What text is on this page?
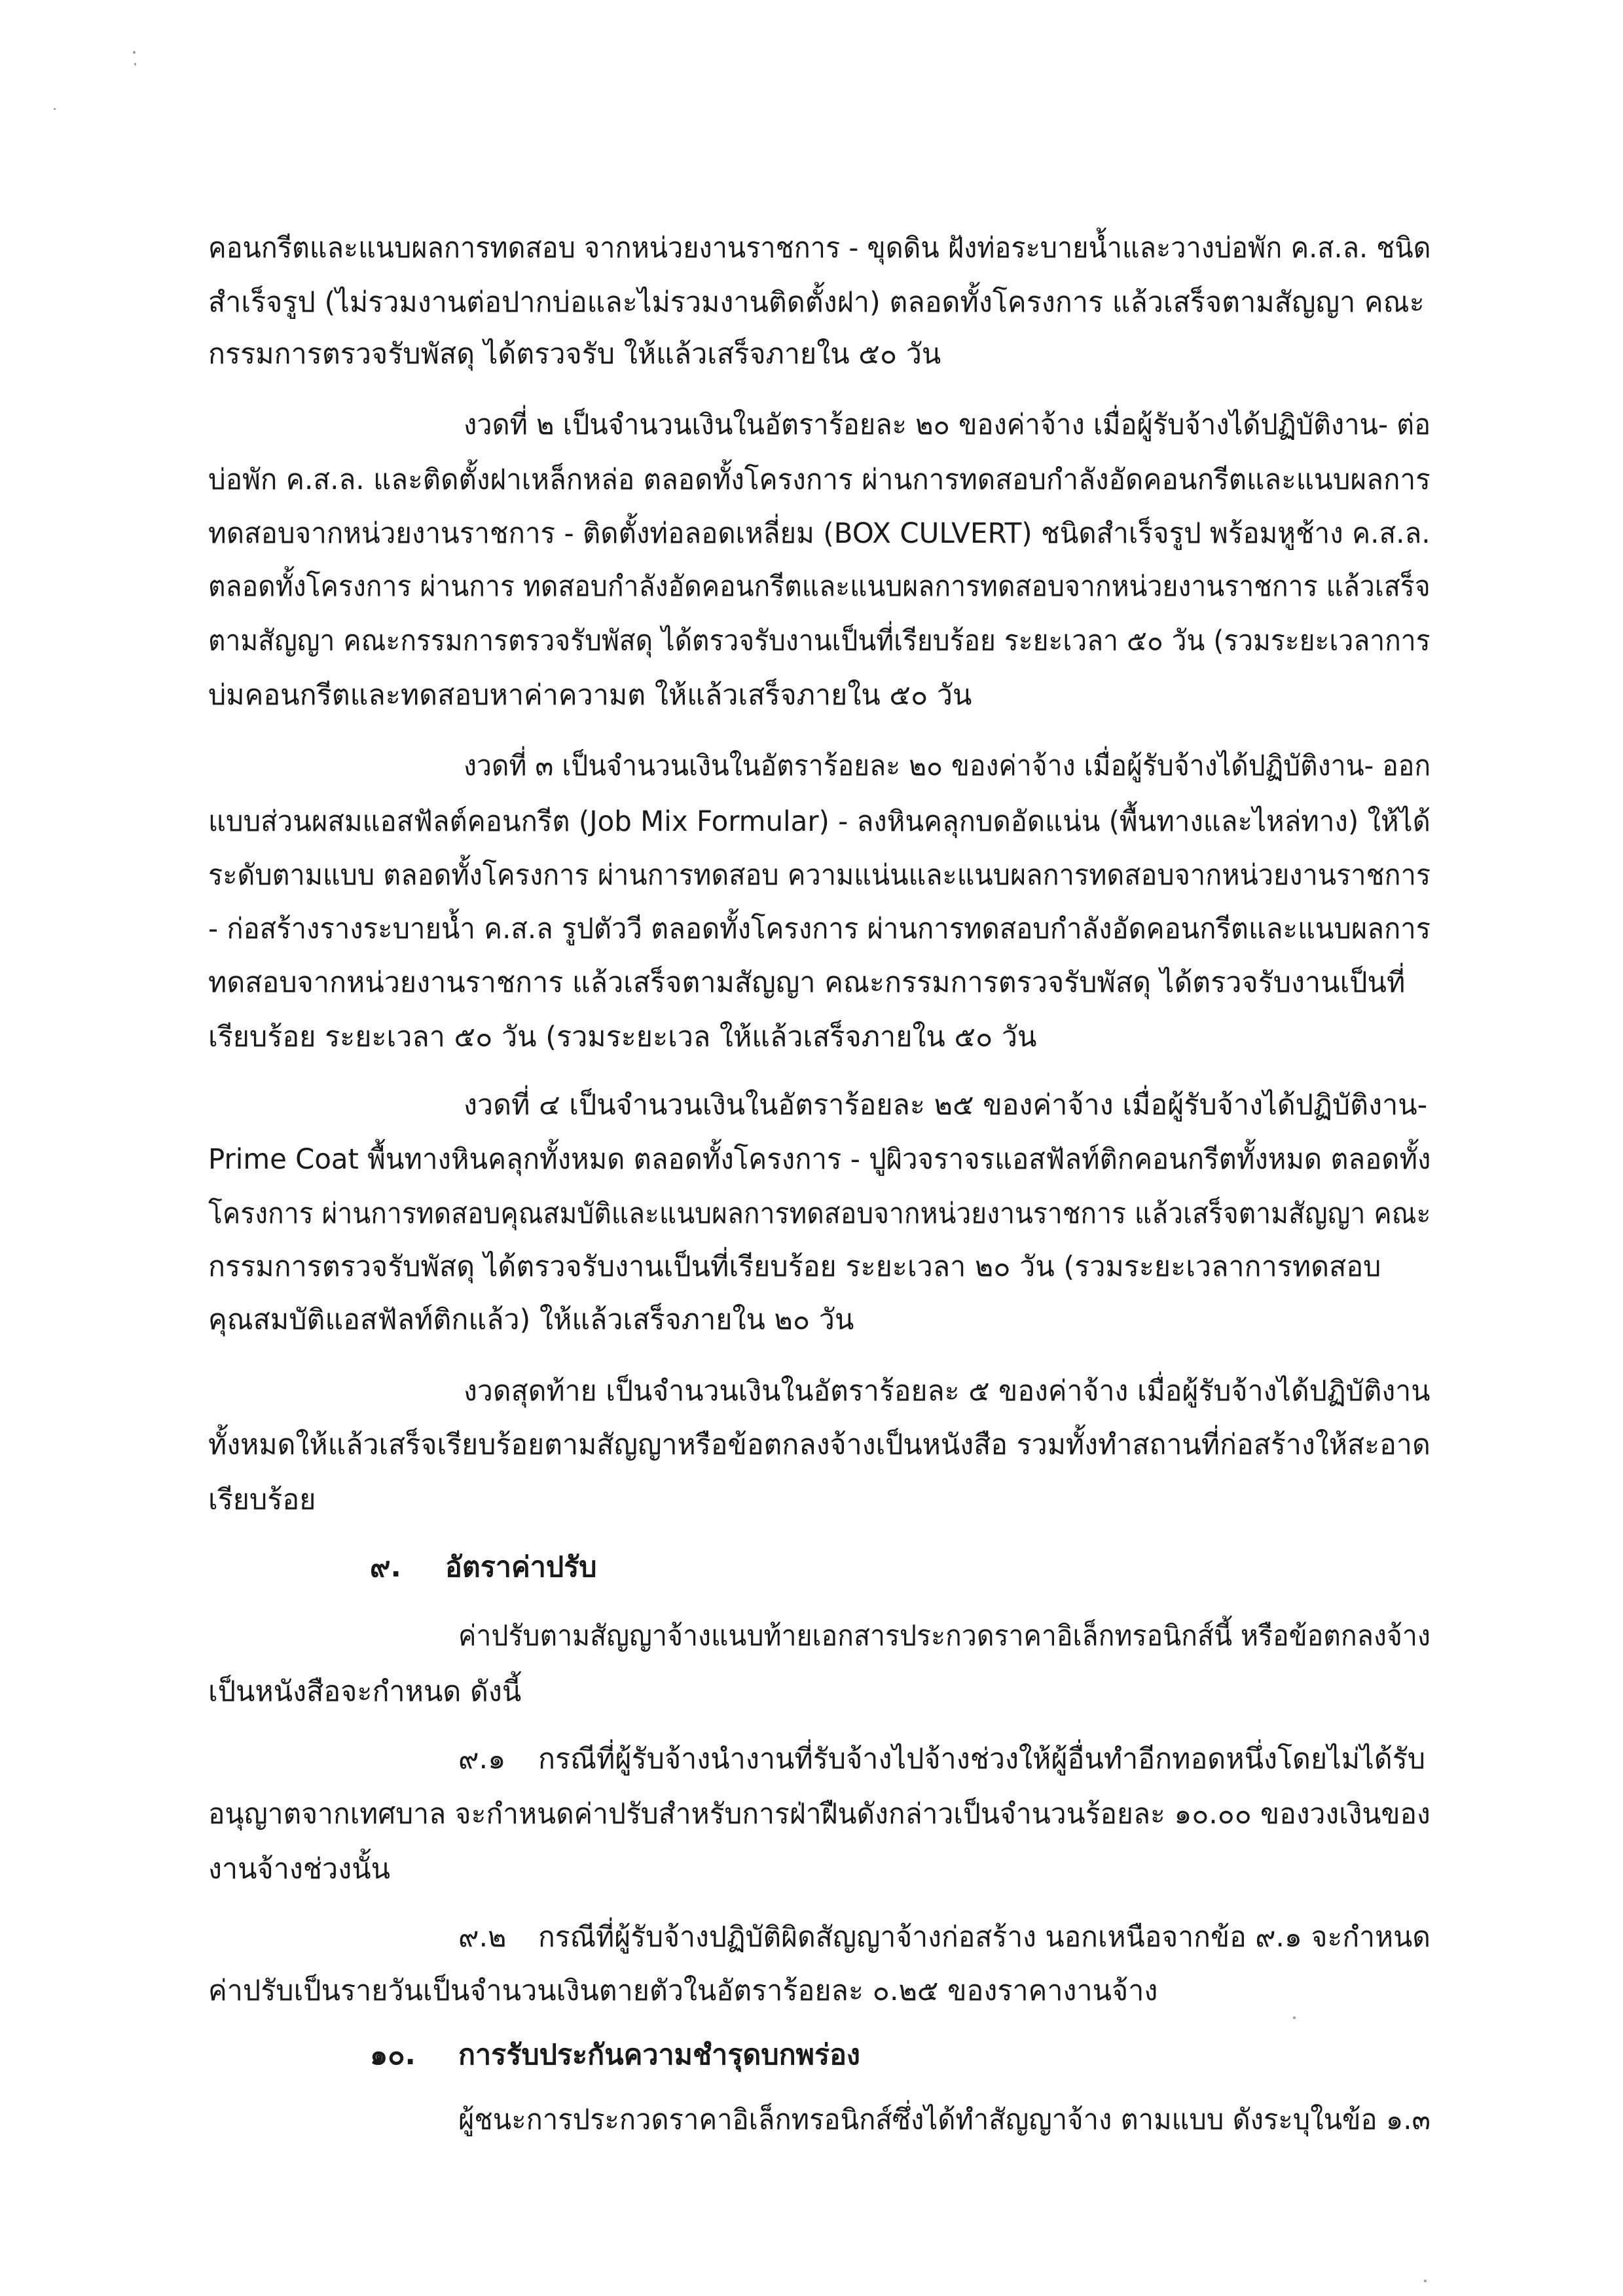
คอนกรีตและแนบผลการทดสอบ จากหน่วยงานราชการ - ขุดดิน ฝังท่อระบายน้ำและวางบ่อพัก ค.ส.ล. ชนิด

สำเร็จรูป (ไม่รวมงานต่อปากบ่อและไม่รวมงานติดตั้งฝา) ตลอดทั้งโครงการ แล้วเสร็จตามสัญญา คณะ

กรรมการตรวจรับพัสดุ ได้ตรวจรับ ให้แล้วเสร็จภายใน ๕๐ วัน

งวดที่ ๒ เป็นจำนวนเงินในอัตราร้อยละ ๒๐ ของค่าจ้าง เมื่อผู้รับจ้างได้ปฏิบัติงาน- ต่อ

บ่อพัก ค.ส.ล. และติดตั้งฝาเหล็กหล่อ ตลอดทั้งโครงการ ผ่านการทดสอบกำลังอัดคอนกรีตและแนบผลการ

ทดสอบจากหน่วยงานราชการ - ติดตั้งท่อลอดเหลี่ยม (BOX CULVERT) ชนิดสำเร็จรูป พร้อมหูช้าง ค.ส.ล.

ตลอดทั้งโครงการ ผ่านการ ทดสอบกำลังอัดคอนกรีตและแนบผลการทดสอบจากหน่วยงานราชการ แล้วเสร็จ

ตามสัญญา คณะกรรมการตรวจรับพัสดุ ได้ตรวจรับงานเป็นที่เรียบร้อย ระยะเวลา ๕๐ วัน (รวมระยะเวลาการ

บ่มคอนกรีตและทดสอบหาค่าความต ให้แล้วเสร็จภายใน ๕๐ วัน

งวดที่ ๓ เป็นจำนวนเงินในอัตราร้อยละ ๒๐ ของค่าจ้าง เมื่อผู้รับจ้างได้ปฏิบัติงาน- ออก

แบบส่วนผสมแอสฟัลต์คอนกรีต (Job Mix Formular) - ลงหินคลุกบดอัดแน่น (พื้นทางและไหล่ทาง) ให้ได้

ระดับตามแบบ ตลอดทั้งโครงการ ผ่านการทดสอบ ความแน่นและแนบผลการทดสอบจากหน่วยงานราชการ

- ก่อสร้างรางระบายน้ำ ค.ส.ล รูปตัววี ตลอดทั้งโครงการ ผ่านการทดสอบกำลังอัดคอนกรีตและแนบผลการ

ทดสอบจากหน่วยงานราชการ แล้วเสร็จตามสัญญา คณะกรรมการตรวจรับพัสดุ ได้ตรวจรับงานเป็นที่

เรียบร้อย ระยะเวลา ๕๐ วัน (รวมระยะเวล ให้แล้วเสร็จภายใน ๕๐ วัน

งวดที่ ๔ เป็นจำนวนเงินในอัตราร้อยละ ๒๕ ของค่าจ้าง เมื่อผู้รับจ้างได้ปฏิบัติงาน-

Prime Coat พื้นทางหินคลุกทั้งหมด ตลอดทั้งโครงการ - ปูผิวจราจรแอสฟัลท์ติกคอนกรีตทั้งหมด ตลอดทั้ง

โครงการ ผ่านการทดสอบคุณสมบัติและแนบผลการทดสอบจากหน่วยงานราชการ แล้วเสร็จตามสัญญา คณะ

กรรมการตรวจรับพัสดุ ได้ตรวจรับงานเป็นที่เรียบร้อย ระยะเวลา ๒๐ วัน (รวมระยะเวลาการทดสอบ

คุณสมบัติแอสฟัลท์ติกแล้ว) ให้แล้วเสร็จภายใน ๒๐ วัน

งวดสุดท้าย เป็นจำนวนเงินในอัตราร้อยละ ๕ ของค่าจ้าง เมื่อผู้รับจ้างได้ปฏิบัติงาน

ทั้งหมดให้แล้วเสร็จเรียบร้อยตามสัญญาหรือข้อตกลงจ้างเป็นหนังสือ รวมทั้งทำสถานที่ก่อสร้างให้สะอาด

เรียบร้อย

๙. อัตราค่าปรับ

ค่าปรับตามสัญญาจ้างแนบท้ายเอกสารประกวดราคาอิเล็กทรอนิกส์นี้ หรือข้อตกลงจ้าง

เป็นหนังสือจะกำหนด ดังนี้

๙.๑ กรณีที่ผู้รับจ้างนำงานที่รับจ้างไปจ้างช่วงให้ผู้อื่นทำอีกทอดหนึ่งโดยไม่ได้รับ

อนุญาตจากเทศบาล จะกำหนดค่าปรับสำหรับการฝ่าฝืนดังกล่าวเป็นจำนวนร้อยละ ๑๐.๐๐ ของวงเงินของ

งานจ้างช่วงนั้น

๙.๒ กรณีที่ผู้รับจ้างปฏิบัติผิดสัญญาจ้างก่อสร้าง นอกเหนือจากข้อ ๙.๑ จะกำหนด

ค่าปรับเป็นรายวันเป็นจำนวนเงินตายตัวในอัตราร้อยละ ๐.๒๕ ของราคางานจ้าง

๑๐. การรับประกันความชำรุดบกพร่อง

ผู้ชนะการประกวดราคาอิเล็กทรอนิกส์ซึ่งได้ทำสัญญาจ้าง ตามแบบ ดังระบุในข้อ ๑.๓
